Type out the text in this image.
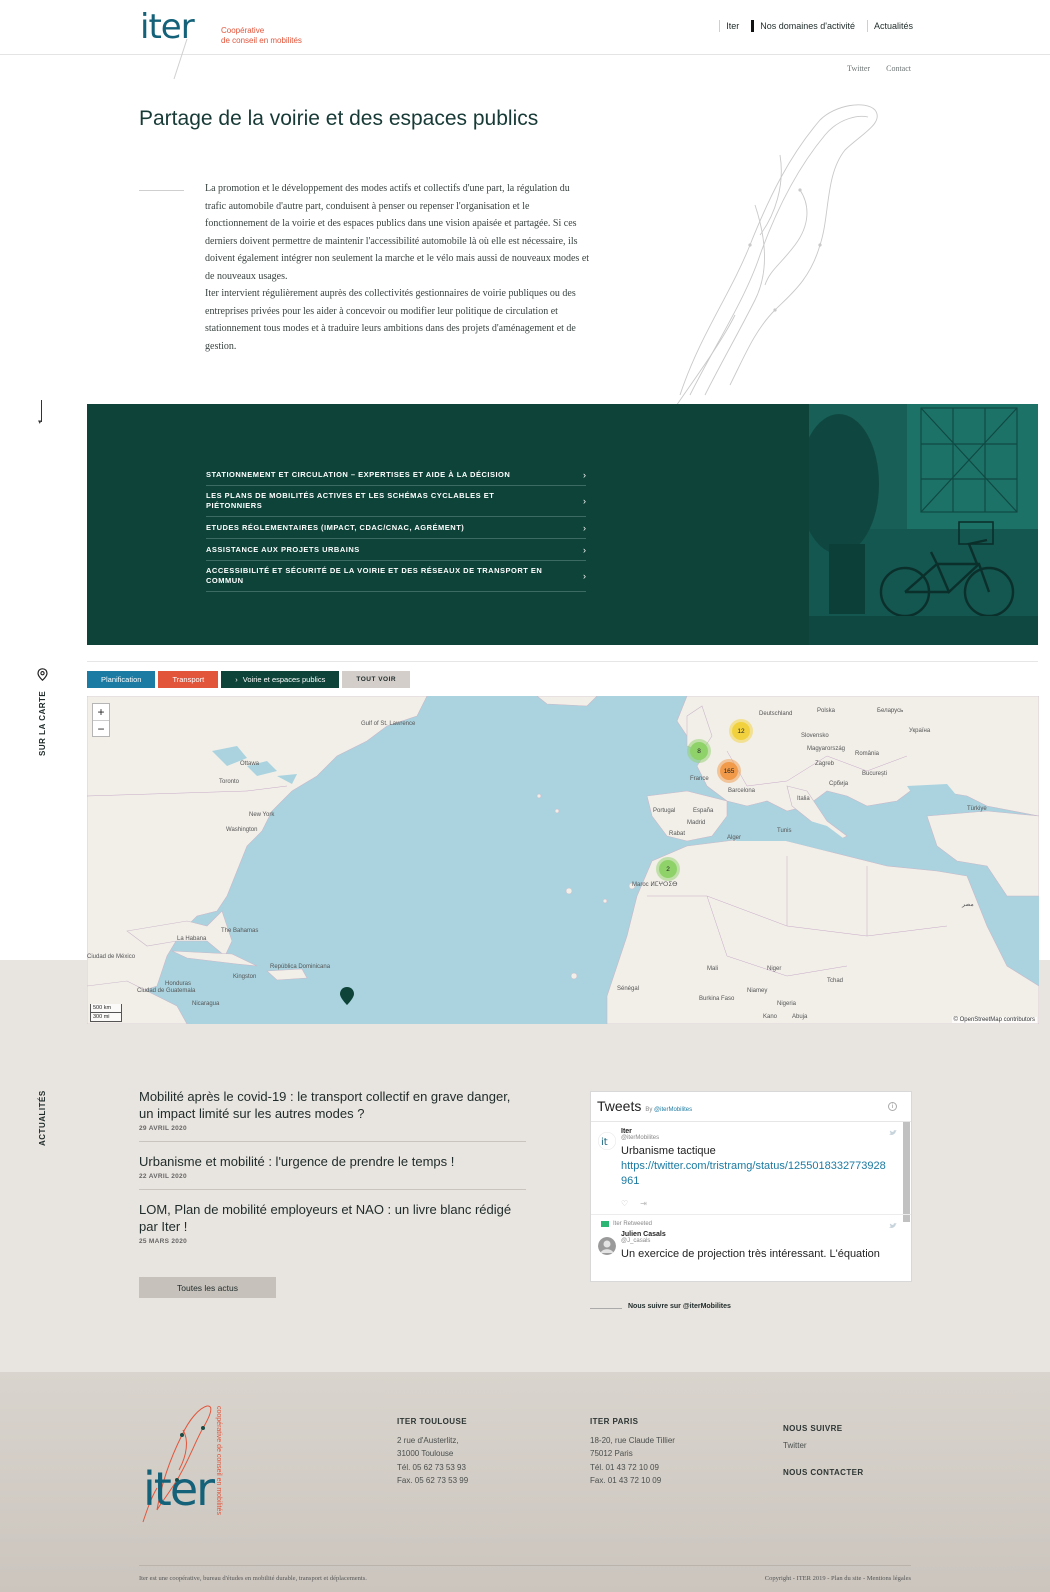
iter	Coopérative
de conseil en mobilités
Iter	Nos domaines d'activité	Actualités
Twitter Contact
Partage de la voirie et des espaces publics

La promotion et le développement des modes actifs et collectifs d'une part, la régulation du trafic automobile d'autre part, conduisent à penser ou repenser l'organisation et le fonctionnement de la voirie et des espaces publics dans une vision apaisée et partagée. Si ces derniers doivent permettre de maintenir l'accessibilité automobile là où elle est nécessaire, ils doivent également intégrer non seulement la marche et le vélo mais aussi de nouveaux modes et de nouveaux usages.

Iter intervient régulièrement auprès des collectivités gestionnaires de voirie publiques ou des entreprises privées pour les aider à concevoir ou modifier leur politique de circulation et stationnement tous modes et à traduire leurs ambitions dans des projets d'aménagement et de gestion.

▾
SUR LA CARTE
STATIONNEMENT ET CIRCULATION – EXPERTISES ET AIDE À LA DÉCISION	›
LES PLANS DE MOBILITÉS ACTIVES ET LES SCHÉMAS CYCLABLES ET PIÉTONNIERS	›
ETUDES RÉGLEMENTAIRES (IMPACT, CDAC/CNAC, AGRÉMENT)	›
ASSISTANCE AUX PROJETS URBAINS	›
ACCESSIBILITÉ ET SÉCURITÉ DE LA VOIRIE ET DES RÉSEAUX DE TRANSPORT EN COMMUN	›
Planification	Transport	› Voirie et espaces publics	TOUT VOIR
+
−	12
8
165
2
Toronto
Ottawa
New York
Washington
The Bahamas
La Habana
Ciudad de México
Kingston
República Dominicana
Ciudad de Guatemala
Honduras
Nicaragua
Gulf of St. Lawrence
Deutschland	Polska	Беларусь
Україна
Slovensko
Magyarország
România
București
Zagreb
Србија
France
Barcelona
España
Portugal
Madrid
Italia
Rabat
Maroc ⵍⵎⵖⵔⵉⴱ
Alger
Tunis
Türkiye
مصر
Mali	Niger
Tchad
Sénégal
Burkina Faso
Niamey
Nigeria
Kano Abuja
500 km
300 mi	© OpenStreetMap contributors
ACTUALITÉS	Mobilité après le covid-19 : le transport collectif en grave danger, un impact limité sur les autres modes ?
29 AVRIL 2020
Urbanisme et mobilité : l'urgence de prendre le temps !
22 AVRIL 2020
LOM, Plan de mobilité employeurs et NAO : un livre blanc rédigé par Iter !
25 MARS 2020
Toutes les actus
Tweets By @iterMobilites
i
it
Iter
@iterMobilites
Urbanisme tactique
https://twitter.com/tristramg/status/1255018332773928961
♡ ⇥
Iter Retweeted
Julien Casals
@J_casals
Un exercice de projection très intéressant. L'équation
Nous suivre sur @iterMobilites
iter coopérative de conseil en mobilités	ITER TOULOUSE
2 rue d'Austerlitz,
31000 Toulouse
Tél. 05 62 73 53 93
Fax. 05 62 73 53 99
ITER PARIS
18-20, rue Claude Tillier
75012 Paris
Tél. 01 43 72 10 09
Fax. 01 43 72 10 09
NOUS SUIVRE
Twitter
NOUS CONTACTER
Iter est une coopérative, bureau d'études en mobilité durable, transport et déplacements.	Copyright - ITER 2019 - Plan du site - Mentions légales
